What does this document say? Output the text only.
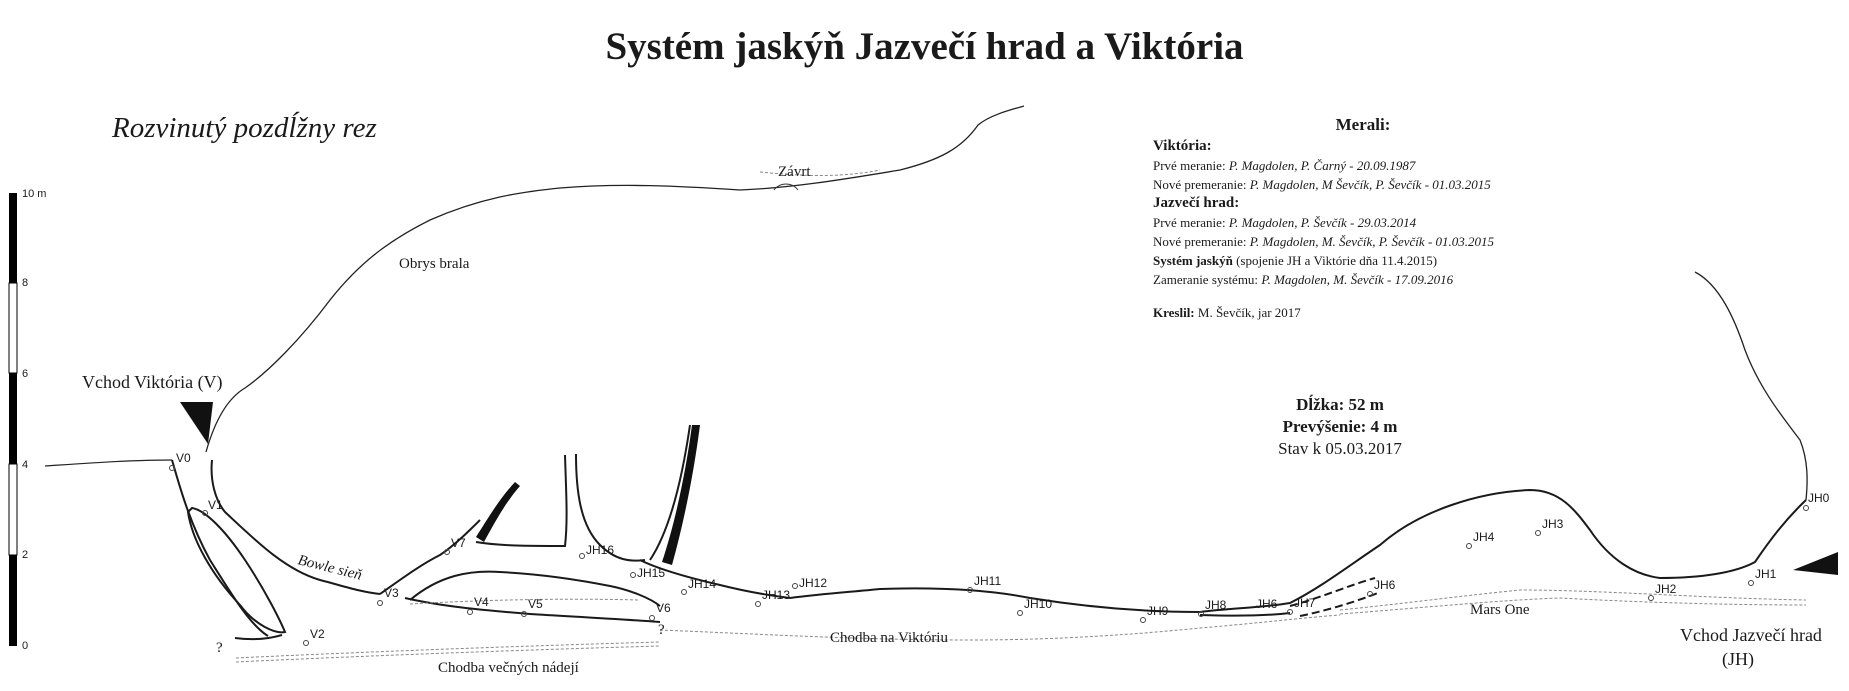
Systém jaskýň Jazvečí hrad a Viktória
Rozvinutý pozdĺžny rez	Merali:
Viktória:
Prvé meranie: P. Magdolen, P. Čarný - 20.09.1987
Nové premeranie: P. Magdolen, M Ševčík, P. Ševčík - 01.03.2015
Jazvečí hrad:
Prvé meranie: P. Magdolen, P. Ševčík - 29.03.2014
Nové premeranie: P. Magdolen, M. Ševčík, P. Ševčík - 01.03.2015
Systém jaskýň (spojenie JH a Viktórie dňa 11.4.2015)
Zameranie systému: P. Magdolen, M. Ševčík - 17.09.2016
Kreslil: M. Ševčík, jar 2017
Dĺžka: 52 m
Prevýšenie: 4 m
Stav k 05.03.2017
10 m
8
6
4
2
0
Vchod Viktória (V)
Vchod Jazvečí hrad
(JH)
Závrt
Obrys brala
Bowle sieň
Chodba večných nádejí
Chodba na Viktóriu
Mars One
?
?
V0
V1
V2
V3
V4	V5	V6
V7
JH0
JH1
JH2
JH3
JH4
JH6
JH7
JH6
JH8
JH9
JH10
JH11
JH12
JH13
JH14
JH15
JH16
